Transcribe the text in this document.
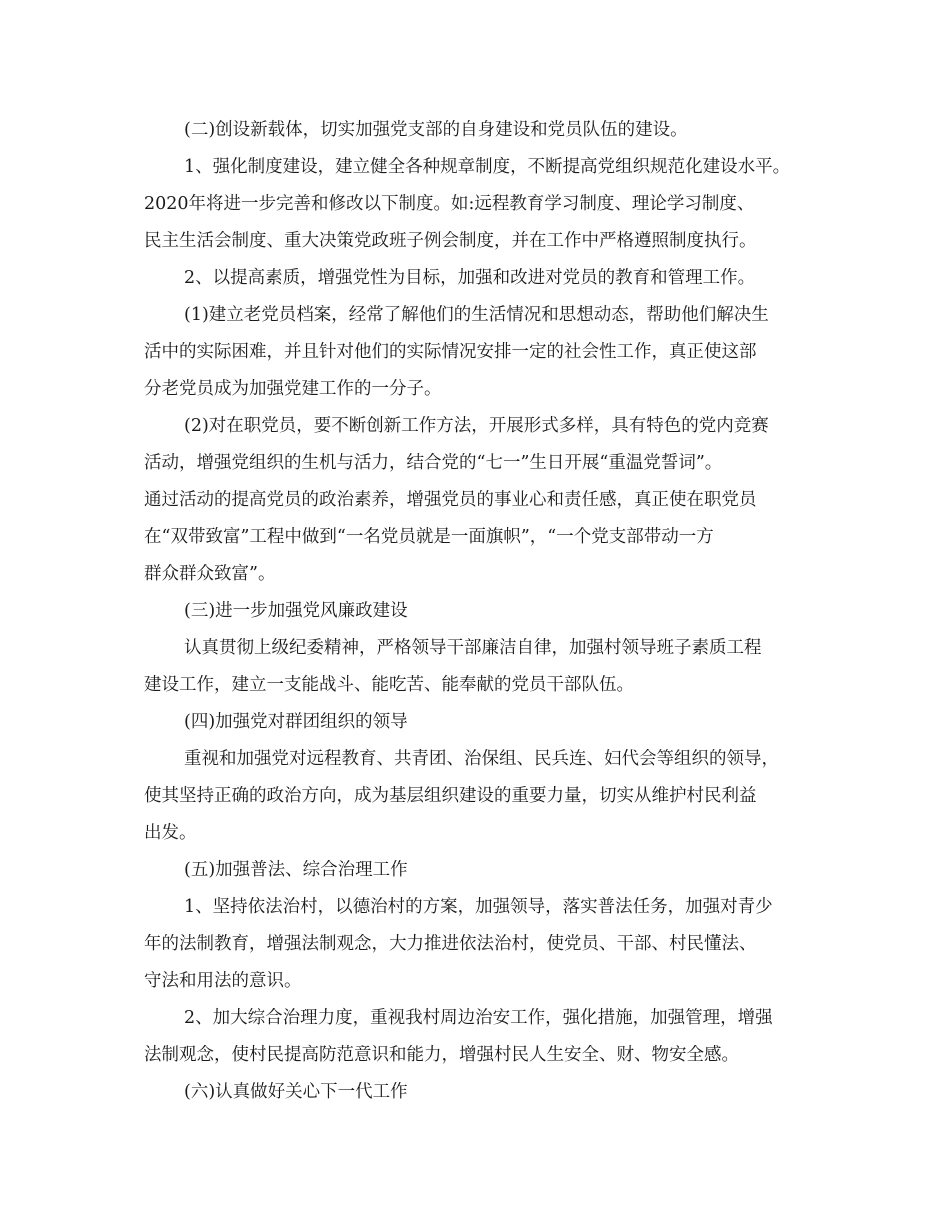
(二)创设新载体，切实加强党支部的自身建设和党员队伍的建设。
1、强化制度建设，建立健全各种规章制度，不断提高党组织规范化建设水平。
2020年将进一步完善和修改以下制度。如:远程教育学习制度、理论学习制度、
民主生活会制度、重大决策党政班子例会制度，并在工作中严格遵照制度执行。
2、以提高素质，增强党性为目标，加强和改进对党员的教育和管理工作。
(1)建立老党员档案，经常了解他们的生活情况和思想动态，帮助他们解决生
活中的实际困难，并且针对他们的实际情况安排一定的社会性工作，真正使这部
分老党员成为加强党建工作的一分子。
(2)对在职党员，要不断创新工作方法，开展形式多样，具有特色的党内竞赛
活动，增强党组织的生机与活力，结合党的“七一”生日开展“重温党誓词”。
通过活动的提高党员的政治素养，增强党员的事业心和责任感，真正使在职党员
在“双带致富”工程中做到“一名党员就是一面旗帜”，“一个党支部带动一方
群众群众致富”。
(三)进一步加强党风廉政建设
认真贯彻上级纪委精神，严格领导干部廉洁自律，加强村领导班子素质工程
建设工作，建立一支能战斗、能吃苦、能奉献的党员干部队伍。
(四)加强党对群团组织的领导
重视和加强党对远程教育、共青团、治保组、民兵连、妇代会等组织的领导，
使其坚持正确的政治方向，成为基层组织建设的重要力量，切实从维护村民利益
出发。
(五)加强普法、综合治理工作
1、坚持依法治村，以德治村的方案，加强领导，落实普法任务，加强对青少
年的法制教育，增强法制观念，大力推进依法治村，使党员、干部、村民懂法、
守法和用法的意识。
2、加大综合治理力度，重视我村周边治安工作，强化措施，加强管理，增强
法制观念，使村民提高防范意识和能力，增强村民人生安全、财、物安全感。
(六)认真做好关心下一代工作
